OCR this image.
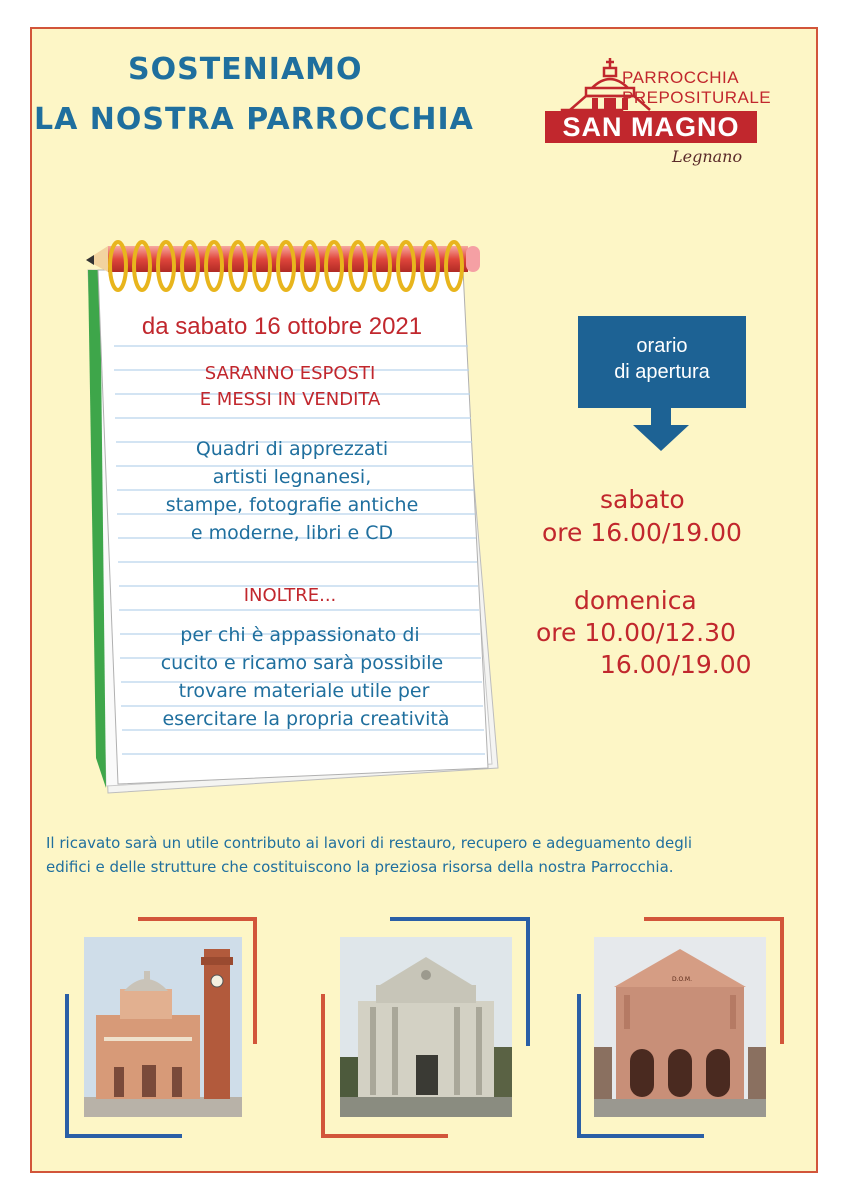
SOSTENIAMO
LA NOSTRA PARROCCHIA
PARROCCHIA
PREPOSITURALE
SAN MAGNO
Legnano

da sabato 16 ottobre 2021

SARANNO ESPOSTI

E MESSI IN VENDITA

Quadri di apprezzati

artisti legnanesi,

stampe, fotografie antiche

e moderne, libri e CD

INOLTRE...

per chi è appassionato di

cucito e ricamo sarà possibile

trovare materiale utile per

esercitare la propria creatività

orario
di apertura

sabato

ore 16.00/19.00

domenica

ore 10.00/12.30

16.00/19.00

Il ricavato sarà un utile contributo ai lavori di restauro, recupero e adeguamento degli

edifici e delle strutture che costituiscono la preziosa risorsa della nostra Parrocchia.

D.O.M.
